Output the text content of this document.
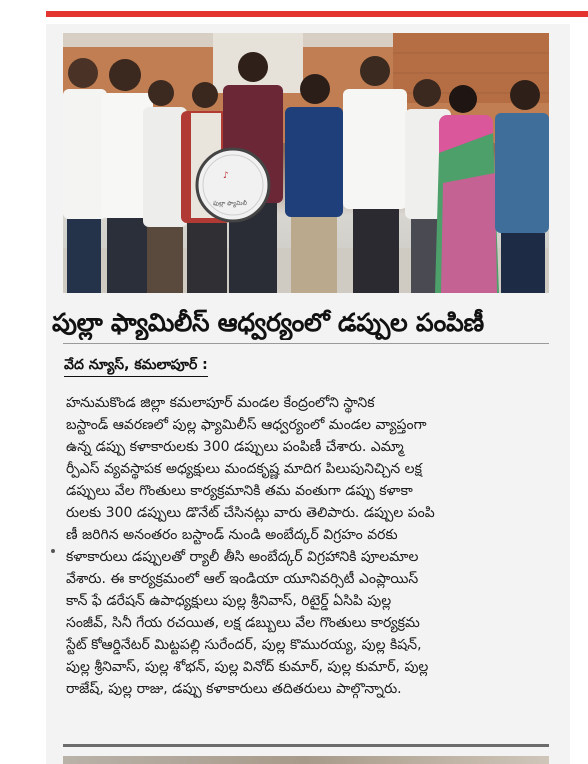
♪
ఫుల్లా ఫ్యామిలీ
పుల్లా ఫ్యామిలీస్ ఆధ్వర్యంలో డప్పుల పంపిణీ
వేద న్యూస్, కమలాపూర్ :
హనుమకొండ జిల్లా కమలాపూర్ మండల కేంద్రంలోని స్థానిక
బస్టాండ్ ఆవరణలో పుల్ల ఫ్యామిలీస్ ఆధ్వర్యంలో మండల వ్యాప్తంగా
ఉన్న డప్పు కళాకారులకు 300 డప్పులు పంపిణీ చేశారు. ఎమ్మా
ర్పీఎస్ వ్యవస్థాపక అధ్యక్షులు మందకృష్ణ మాదిగ పిలుపునిచ్చిన లక్ష
డప్పులు వేల గొంతులు కార్యక్రమానికి తమ వంతుగా డప్పు కళాకా
రులకు 300 డప్పులు డొనేట్ చేసినట్లు వారు తెలిపారు. డప్పుల పంపి
ణీ జరిగిన అనంతరం బస్టాండ్ నుండి అంబేద్కర్ విగ్రహం వరకు
కళాకారులు డప్పులతో ర్యాలీ తీసి అంబేద్కర్ విగ్రహానికి పూలమాల
వేశారు. ఈ కార్యక్రమంలో ఆల్ ఇండియా యూనివర్సిటీ ఎంప్లాయిస్
కాన్ ఫే డరేషన్ ఉపాధ్యక్షులు పుల్ల శ్రీనివాస్, రిటైర్డ్ ఏసిపి పుల్ల
సంజీవ్, సినీ గేయ రచయిత, లక్ష డబ్బులు వేల గొంతులు కార్యక్రమ
స్టేట్ కోఆర్డినేటర్ మిట్టపల్లి సురేందర్, పుల్ల కొమురయ్య, పుల్ల కిషన్,
పుల్ల శ్రీనివాస్, పుల్ల శోభన్, పుల్ల వినోద్ కుమార్, పుల్ల కుమార్, పుల్ల
రాజేష్, పుల్ల రాజు, డప్పు కళాకారులు తదితరులు పాల్గొన్నారు.
